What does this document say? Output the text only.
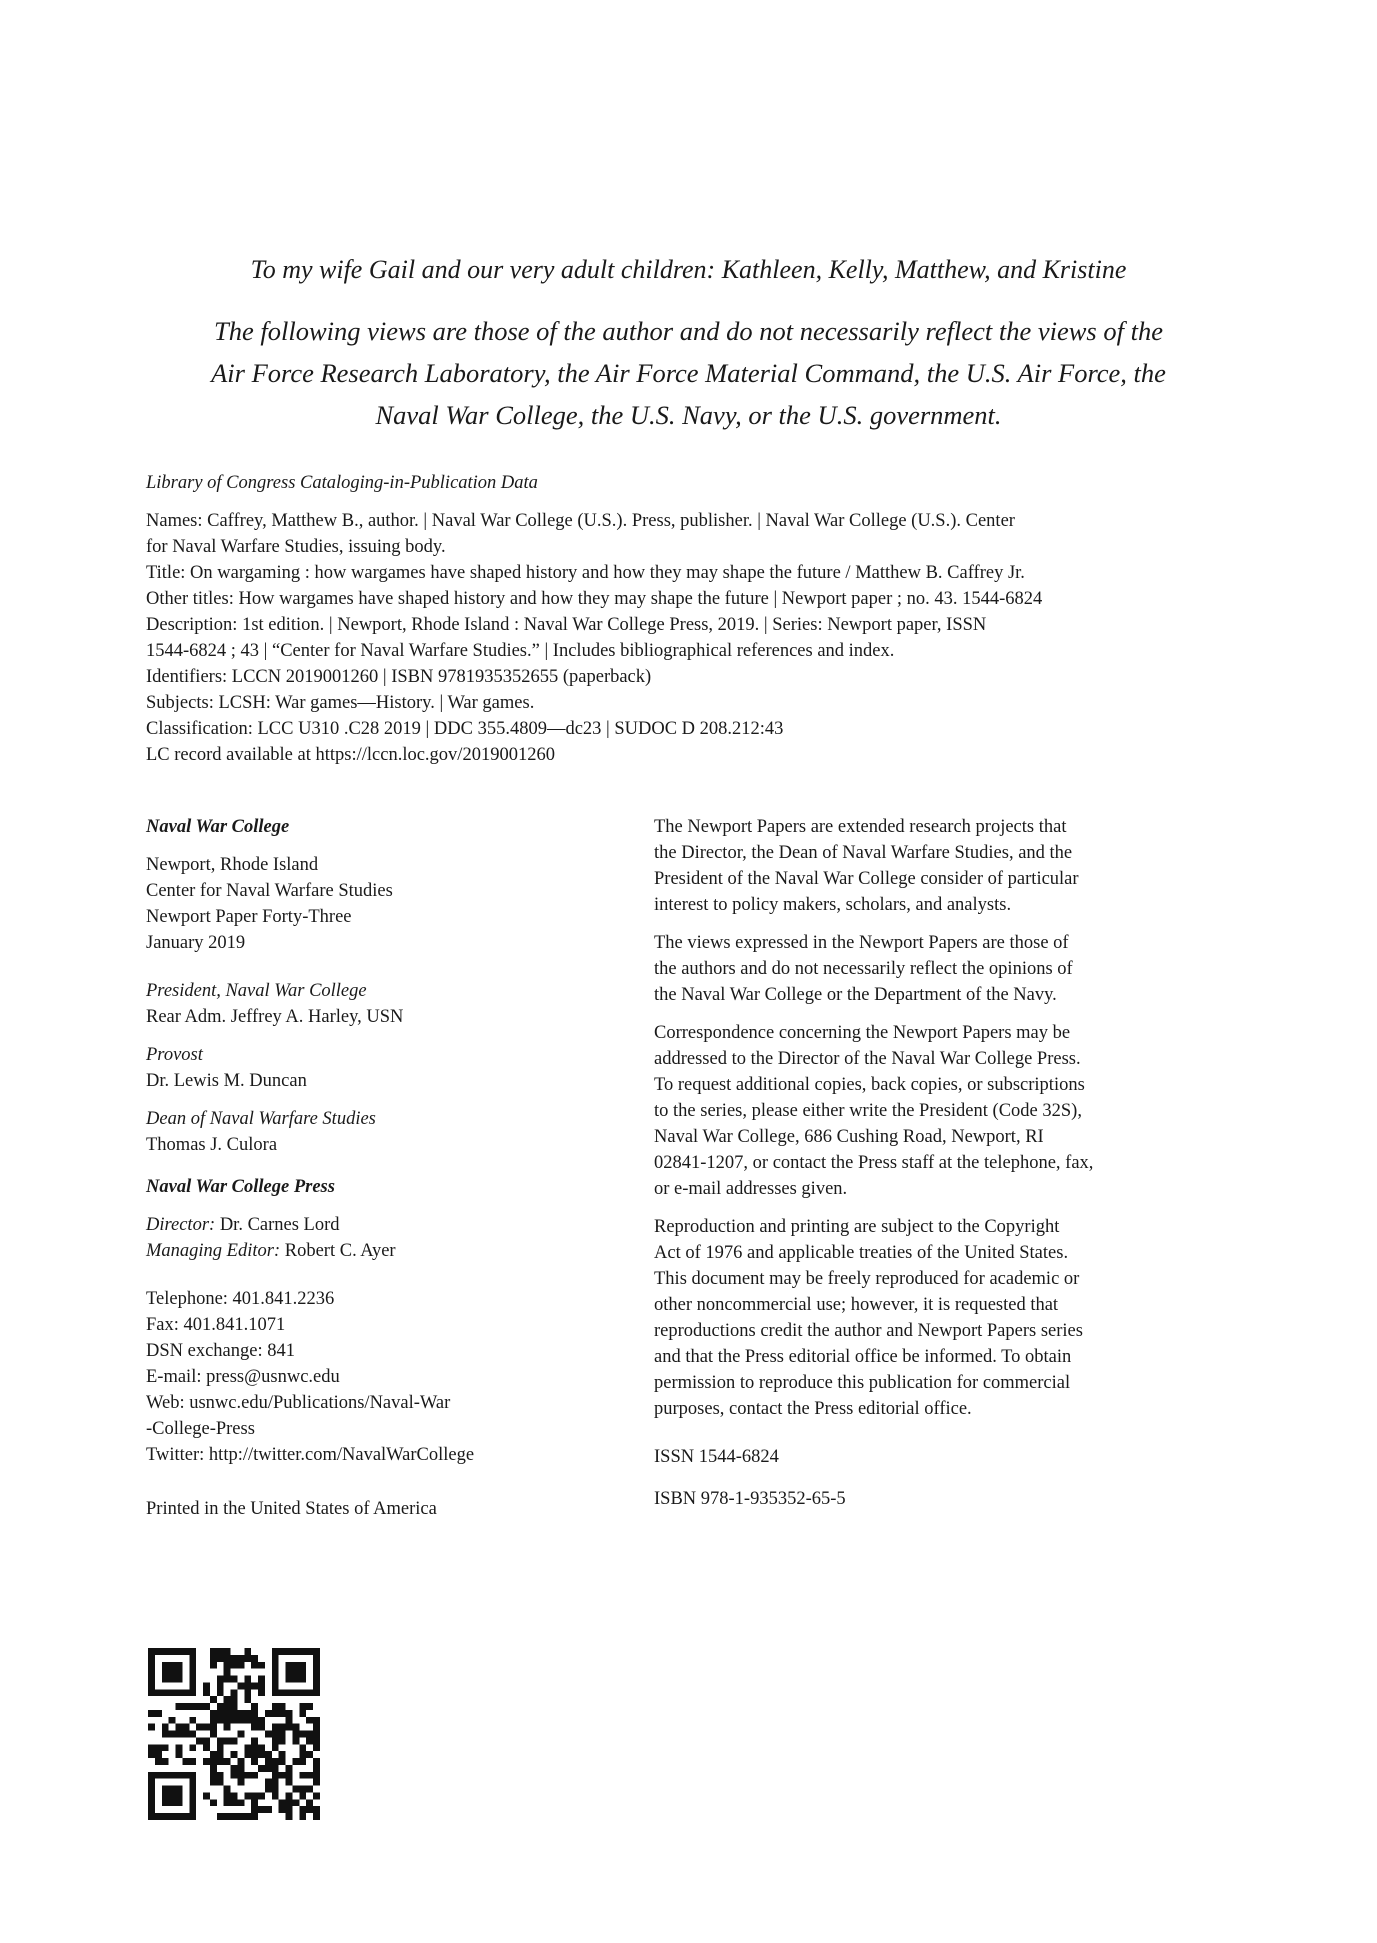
To my wife Gail and our very adult children: Kathleen, Kelly, Matthew, and Kristine
The following views are those of the author and do not necessarily reflect the views of the
Air Force Research Laboratory, the Air Force Material Command, the U.S. Air Force, the
Naval War College, the U.S. Navy, or the U.S. government.
Library of Congress Cataloging-in-Publication Data
Names: Caffrey, Matthew B., author. | Naval War College (U.S.). Press, publisher. | Naval War College (U.S.). Center
for Naval Warfare Studies, issuing body.
Title: On wargaming : how wargames have shaped history and how they may shape the future / Matthew B. Caffrey Jr.
Other titles: How wargames have shaped history and how they may shape the future | Newport paper ; no. 43. 1544-6824
Description: 1st edition. | Newport, Rhode Island : Naval War College Press, 2019. | Series: Newport paper, ISSN
1544-6824 ; 43 | “Center for Naval Warfare Studies.” | Includes bibliographical references and index.
Identifiers: LCCN 2019001260 | ISBN 9781935352655 (paperback)
Subjects: LCSH: War games—History. | War games.
Classification: LCC U310 .C28 2019 | DDC 355.4809—dc23 | SUDOC D 208.212:43
LC record available at https://lccn.loc.gov/2019001260
Naval War College
Newport, Rhode Island
Center for Naval Warfare Studies
Newport Paper Forty-Three
January 2019
President, Naval War College
Rear Adm. Jeffrey A. Harley, USN
Provost
Dr. Lewis M. Duncan
Dean of Naval Warfare Studies
Thomas J. Culora
Naval War College Press
Director: Dr. Carnes Lord
Managing Editor: Robert C. Ayer
Telephone: 401.841.2236
Fax: 401.841.1071
DSN exchange: 841
E-mail: press@usnwc.edu
Web: usnwc.edu/Publications/Naval-War
-College-Press
Twitter: http://twitter.com/NavalWarCollege
Printed in the United States of America
The Newport Papers are extended research projects that
the Director, the Dean of Naval Warfare Studies, and the
President of the Naval War College consider of particular
interest to policy makers, scholars, and analysts.
The views expressed in the Newport Papers are those of
the authors and do not necessarily reflect the opinions of
the Naval War College or the Department of the Navy.
Correspondence concerning the Newport Papers may be
addressed to the Director of the Naval War College Press.
To request additional copies, back copies, or subscriptions
to the series, please either write the President (Code 32S),
Naval War College, 686 Cushing Road, Newport, RI
02841-1207, or contact the Press staff at the telephone, fax,
or e-mail addresses given.
Reproduction and printing are subject to the Copyright
Act of 1976 and applicable treaties of the United States.
This document may be freely reproduced for academic or
other noncommercial use; however, it is requested that
reproductions credit the author and Newport Papers series
and that the Press editorial office be informed. To obtain
permission to reproduce this publication for commercial
purposes, contact the Press editorial office.
ISSN 1544-6824
ISBN 978-1-935352-65-5
